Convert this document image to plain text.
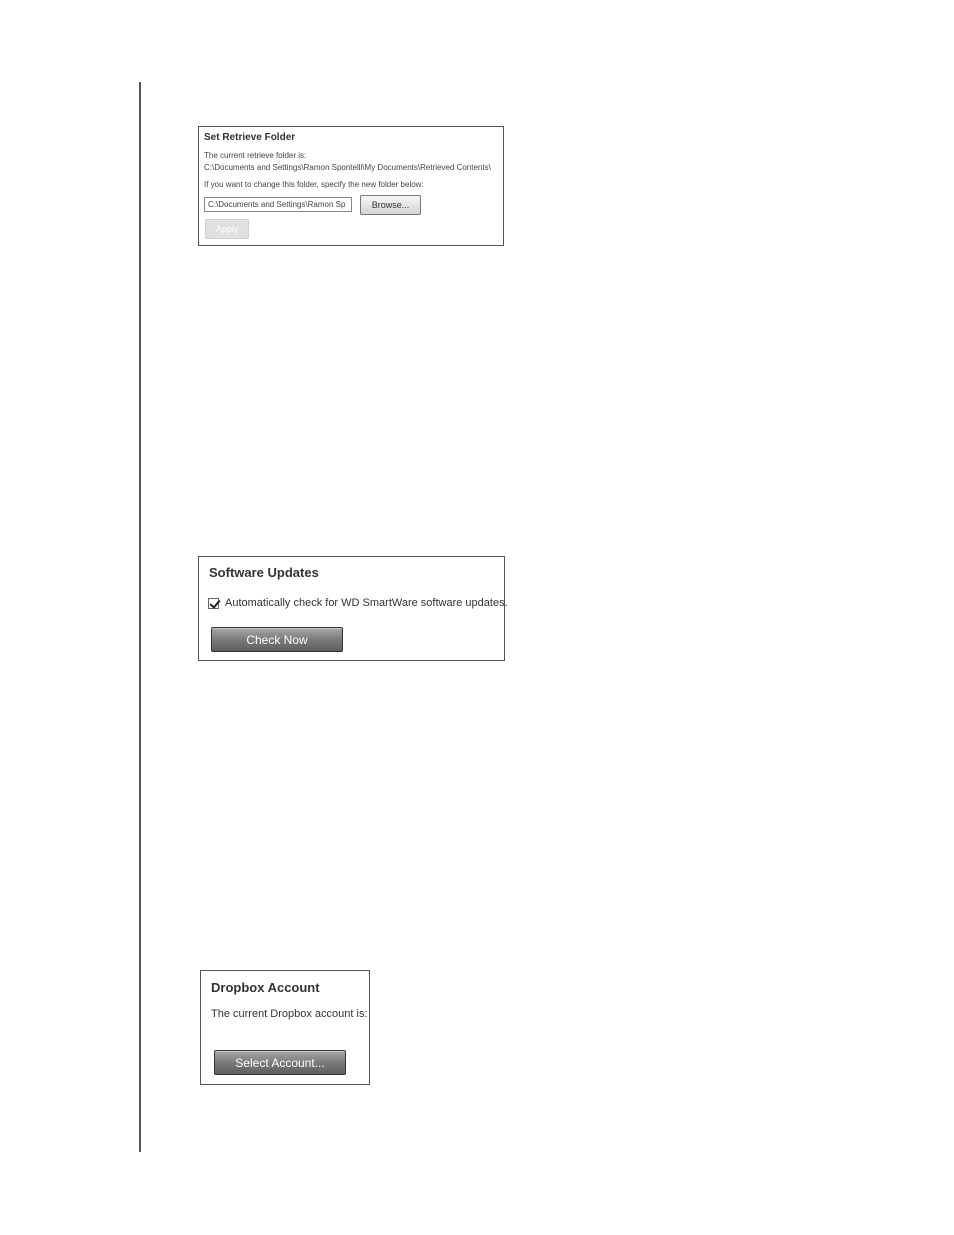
Set Retrieve Folder
The current retrieve folder is:
C:\Documents and Settings\Ramon Spontelli\My Documents\Retrieved Contents\
If you want to change this folder, specify the new folder below:
C:\Documents and Settings\Ramon Sp
Browse...
Apply
Software Updates
Automatically check for WD SmartWare software updates.
Check Now
Dropbox Account
The current Dropbox account is:
Select Account...
